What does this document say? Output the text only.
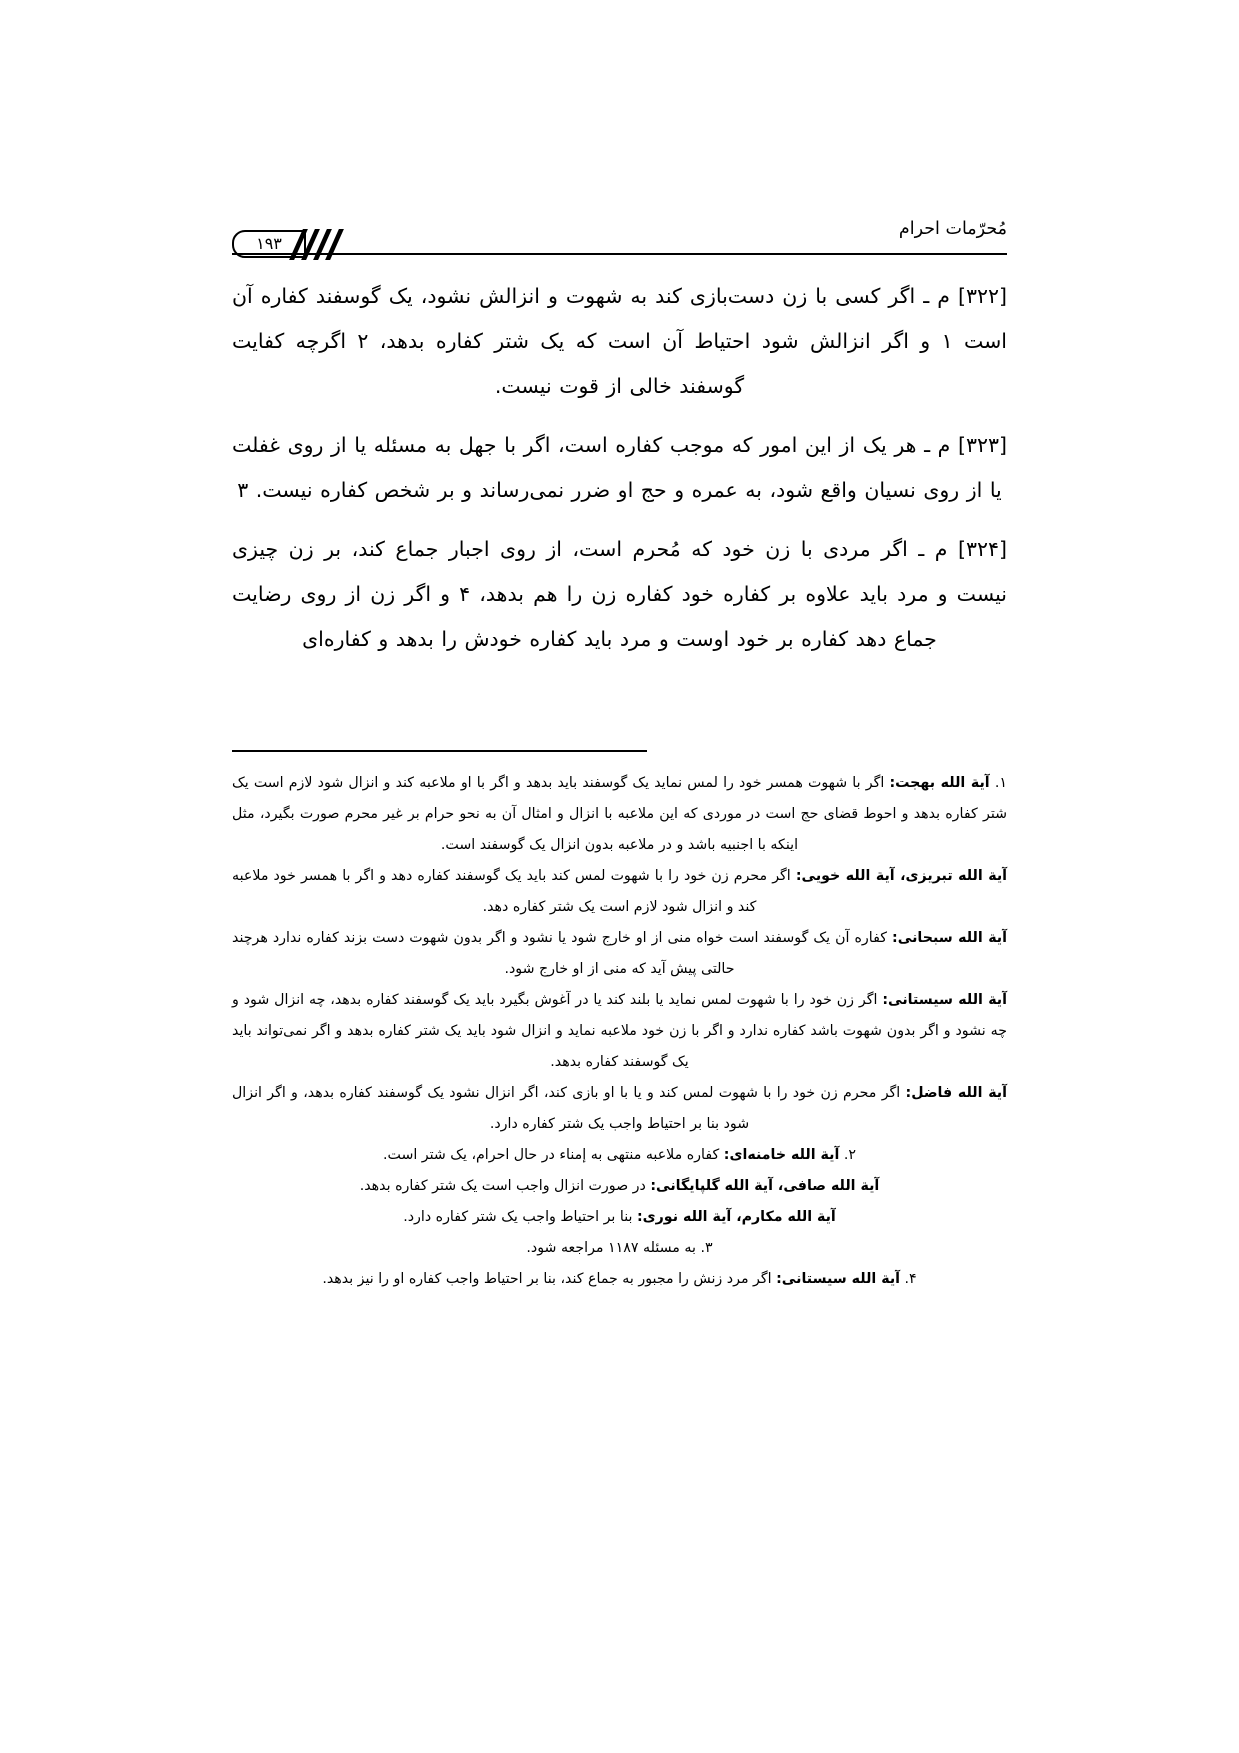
مُحرّمات احرام
۱۹۳

[۳۲۲] م ـ اگر کسی با زن دست‌بازی کند به شهوت و انزالش نشود، یک گوسفند کفاره آن است ۱ و اگر انزالش شود احتیاط آن است که یک شتر کفاره بدهد، ۲ اگرچه کفایت گوسفند خالی از قوت نیست.

[۳۲۳] م ـ هر یک از این امور که موجب کفاره است، اگر با جهل به مسئله یا از روی غفلت یا از روی نسیان واقع شود، به عمره و حج او ضرر نمی‌رساند و بر شخص کفاره نیست. ۳

[۳۲۴] م ـ اگر مردی با زن خود که مُحرم است، از روی اجبار جماع کند، بر زن چیزی نیست و مرد باید علاوه بر کفاره خود کفاره زن را هم بدهد، ۴ و اگر زن از روی رضایت جماع دهد کفاره بر خود اوست و مرد باید کفاره خودش را بدهد و کفاره‌ای

۱. آیة الله بهجت: اگر با شهوت همسر خود را لمس نماید یک گوسفند باید بدهد و اگر با او ملاعبه کند و انزال شود لازم است یک شتر کفاره بدهد و احوط قضای حج است در موردی که این ملاعبه با انزال و امثال آن به نحو حرام بر غیر محرم صورت بگیرد، مثل اینکه با اجنبیه باشد و در ملاعبه بدون انزال یک گوسفند است.

آیة الله تبریزی، آیة الله خویی: اگر محرم زن خود را با شهوت لمس کند باید یک گوسفند کفاره دهد و اگر با همسر خود ملاعبه کند و انزال شود لازم است یک شتر کفاره دهد.

آیة الله سبحانی: کفاره آن یک گوسفند است خواه منی از او خارج شود یا نشود و اگر بدون شهوت دست بزند کفاره ندارد هرچند حالتی پیش آید که منی از او خارج شود.

آیة الله سیستانی: اگر زن خود را با شهوت لمس نماید یا بلند کند یا در آغوش بگیرد باید یک گوسفند کفاره بدهد، چه انزال شود و چه نشود و اگر بدون شهوت باشد کفاره ندارد و اگر با زن خود ملاعبه نماید و انزال شود باید یک شتر کفاره بدهد و اگر نمی‌تواند باید یک گوسفند کفاره بدهد.

آیة الله فاضل: اگر محرم زن خود را با شهوت لمس کند و یا با او بازی کند، اگر انزال نشود یک گوسفند کفاره بدهد، و اگر انزال شود بنا بر احتیاط واجب یک شتر کفاره دارد.

۲. آیة الله خامنه‌ای: کفاره ملاعبه منتهی به إمناء در حال احرام، یک شتر است.

آیة الله صافی، آیة الله گلپایگانی: در صورت انزال واجب است یک شتر کفاره بدهد.

آیة الله مکارم، آیة الله نوری: بنا بر احتیاط واجب یک شتر کفاره دارد.

۳. به مسئله ۱۱۸۷ مراجعه شود.

۴. آیة الله سیستانی: اگر مرد زنش را مجبور به جماع کند، بنا بر احتیاط واجب کفاره او را نیز بدهد.
